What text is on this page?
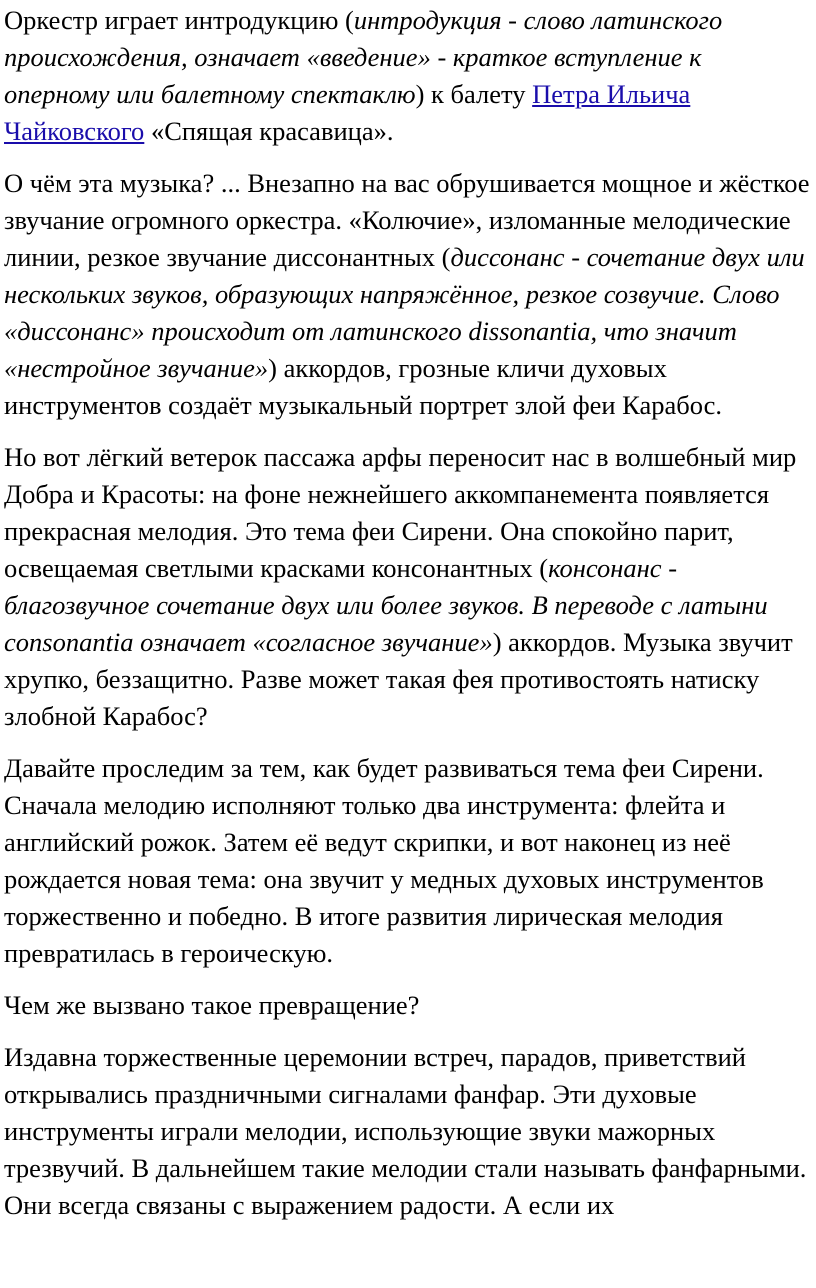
Оркестр играет интродукцию (интродукция - слово латинского происхождения, означает «введение» - краткое вступление к оперному или балетному спектаклю) к балету Петра Ильича Чайковского «Спящая красавица».

О чём эта музыка? ... Внезапно на вас обрушивается мощное и жёсткое звучание огромного оркестра. «Колючие», изломанные мелодические линии, резкое звучание диссонантных (диссонанс - сочетание двух или нескольких звуков, образующих напряжённое, резкое созвучие. Слово «диссонанс» происходит от латинского dissonantia, что значит «нестройное звучание») аккордов, грозные кличи духовых инструментов создаёт музыкальный портрет злой феи Карабос.

Но вот лёгкий ветерок пассажа арфы переносит нас в волшебный мир Добра и Красоты: на фоне нежнейшего аккомпанемента появляется прекрасная мелодия. Это тема феи Сирени. Она спокойно парит, освещаемая светлыми красками консонантных (консонанс - благозвучное сочетание двух или более звуков. В переводе с латыни consonantia означает «согласное звучание») аккордов. Музыка звучит хрупко, беззащитно. Разве может такая фея противостоять натиску злобной Карабос?

Давайте проследим за тем, как будет развиваться тема феи Сирени. Сначала мелодию исполняют только два инструмента: флейта и английский рожок. Затем её ведут скрипки, и вот наконец из неё рождается новая тема: она звучит у медных духовых инструментов торжественно и победно. В итоге развития лирическая мелодия превратилась в героическую.

Чем же вызвано такое превращение?

Издавна торжественные церемонии встреч, парадов, приветствий открывались праздничными сигналами фанфар. Эти духовые инструменты играли мелодии, использующие звуки мажорных трезвучий. В дальнейшем такие мелодии стали называть фанфарными. Они всегда связаны с выражением радости. А если их
